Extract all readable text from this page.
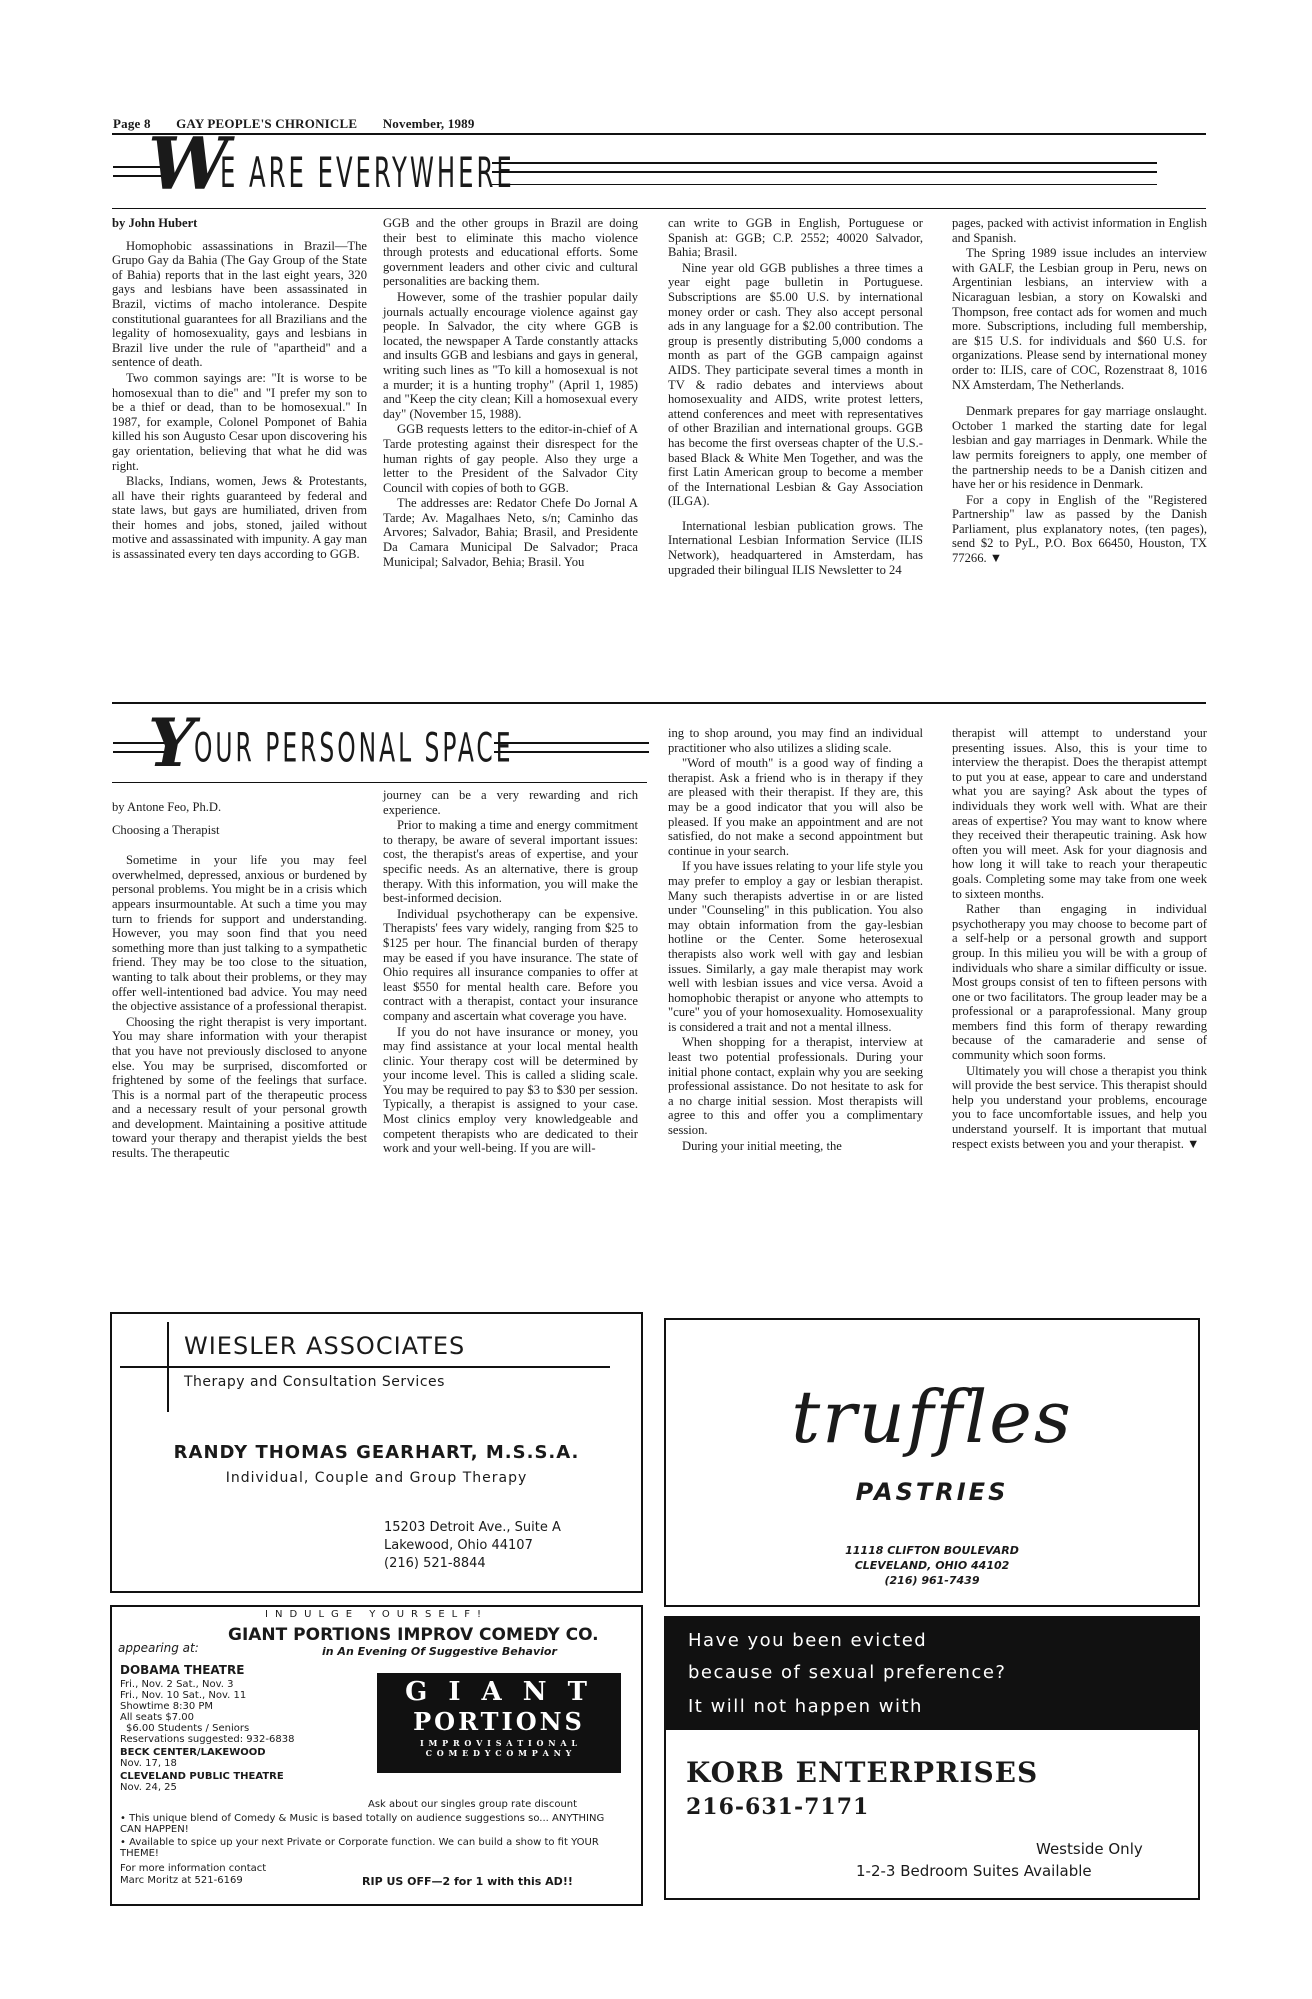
Page 8 GAY PEOPLE'S CHRONICLE November, 1989
W
E ARE EVERYWHERE
by John Hubert

Homophobic assassinations in Brazil—The Grupo Gay da Bahia (The Gay Group of the State of Bahia) reports that in the last eight years, 320 gays and lesbians have been assassinated in Brazil, victims of macho intolerance. Despite constitutional guarantees for all Brazilians and the legality of homosexuality, gays and lesbians in Brazil live under the rule of "apartheid" and a sentence of death.

Two common sayings are: "It is worse to be homosexual than to die" and "I prefer my son to be a thief or dead, than to be homosexual." In 1987, for example, Colonel Pomponet of Bahia killed his son Augusto Cesar upon discovering his gay orientation, believing that what he did was right.

Blacks, Indians, women, Jews & Protestants, all have their rights guaranteed by federal and state laws, but gays are humiliated, driven from their homes and jobs, stoned, jailed without motive and assassinated with impunity. A gay man is assassinated every ten days according to GGB.

GGB and the other groups in Brazil are doing their best to eliminate this macho violence through protests and educational efforts. Some government leaders and other civic and cultural personalities are backing them.

However, some of the trashier popular daily journals actually encourage violence against gay people. In Salvador, the city where GGB is located, the newspaper A Tarde constantly attacks and insults GGB and lesbians and gays in general, writing such lines as "To kill a homosexual is not a murder; it is a hunting trophy" (April 1, 1985) and "Keep the city clean; Kill a homosexual every day" (November 15, 1988).

GGB requests letters to the editor-in-chief of A Tarde protesting against their disrespect for the human rights of gay people. Also they urge a letter to the President of the Salvador City Council with copies of both to GGB.

The addresses are: Redator Chefe Do Jornal A Tarde; Av. Magalhaes Neto, s/n; Caminho das Arvores; Salvador, Bahia; Brasil, and Presidente Da Camara Municipal De Salvador; Praca Municipal; Salvador, Behia; Brasil. You

can write to GGB in English, Portuguese or Spanish at: GGB; C.P. 2552; 40020 Salvador, Bahia; Brasil.

Nine year old GGB publishes a three times a year eight page bulletin in Portuguese. Subscriptions are $5.00 U.S. by international money order or cash. They also accept personal ads in any language for a $2.00 contribution. The group is presently distributing 5,000 condoms a month as part of the GGB campaign against AIDS. They participate several times a month in TV & radio debates and interviews about homosexuality and AIDS, write protest letters, attend conferences and meet with representatives of other Brazilian and international groups. GGB has become the first overseas chapter of the U.S.-based Black & White Men Together, and was the first Latin American group to become a member of the International Lesbian & Gay Association (ILGA).

International lesbian publication grows. The International Lesbian Information Service (ILIS Network), headquartered in Amsterdam, has upgraded their bilingual ILIS Newsletter to 24

pages, packed with activist information in English and Spanish.

The Spring 1989 issue includes an interview with GALF, the Lesbian group in Peru, news on Argentinian lesbians, an interview with a Nicaraguan lesbian, a story on Kowalski and Thompson, free contact ads for women and much more. Subscriptions, including full membership, are $15 U.S. for individuals and $60 U.S. for organizations. Please send by international money order to: ILIS, care of COC, Rozenstraat 8, 1016 NX Amsterdam, The Netherlands.

Denmark prepares for gay marriage onslaught. October 1 marked the starting date for legal lesbian and gay marriages in Denmark. While the law permits foreigners to apply, one member of the partnership needs to be a Danish citizen and have her or his residence in Denmark.

For a copy in English of the "Registered Partnership" law as passed by the Danish Parliament, plus explanatory notes, (ten pages), send $2 to PyL, P.O. Box 66450, Houston, TX 77266. ▼

Y
OUR PERSONAL SPACE
by Antone Feo, Ph.D.
Choosing a Therapist

Sometime in your life you may feel overwhelmed, depressed, anxious or burdened by personal problems. You might be in a crisis which appears insurmountable. At such a time you may turn to friends for support and understanding. However, you may soon find that you need something more than just talking to a sympathetic friend. They may be too close to the situation, wanting to talk about their problems, or they may offer well-intentioned bad advice. You may need the objective assistance of a professional therapist.

Choosing the right therapist is very important. You may share information with your therapist that you have not previously disclosed to anyone else. You may be surprised, discomforted or frightened by some of the feelings that surface. This is a normal part of the therapeutic process and a necessary result of your personal growth and development. Maintaining a positive attitude toward your therapy and therapist yields the best results. The therapeutic

journey can be a very rewarding and rich experience.

Prior to making a time and energy commitment to therapy, be aware of several important issues: cost, the therapist's areas of expertise, and your specific needs. As an alternative, there is group therapy. With this information, you will make the best-informed decision.

Individual psychotherapy can be expensive. Therapists' fees vary widely, ranging from $25 to $125 per hour. The financial burden of therapy may be eased if you have insurance. The state of Ohio requires all insurance companies to offer at least $550 for mental health care. Before you contract with a therapist, contact your insurance company and ascertain what coverage you have.

If you do not have insurance or money, you may find assistance at your local mental health clinic. Your therapy cost will be determined by your income level. This is called a sliding scale. You may be required to pay $3 to $30 per session. Typically, a therapist is assigned to your case. Most clinics employ very knowledgeable and competent therapists who are dedicated to their work and your well-being. If you are will-

ing to shop around, you may find an individual practitioner who also utilizes a sliding scale.

"Word of mouth" is a good way of finding a therapist. Ask a friend who is in therapy if they are pleased with their therapist. If they are, this may be a good indicator that you will also be pleased. If you make an appointment and are not satisfied, do not make a second appointment but continue in your search.

If you have issues relating to your life style you may prefer to employ a gay or lesbian therapist. Many such therapists advertise in or are listed under "Counseling" in this publication. You also may obtain information from the gay-lesbian hotline or the Center. Some heterosexual therapists also work well with gay and lesbian issues. Similarly, a gay male therapist may work well with lesbian issues and vice versa. Avoid a homophobic therapist or anyone who attempts to "cure" you of your homosexuality. Homosexuality is considered a trait and not a mental illness.

When shopping for a therapist, interview at least two potential professionals. During your initial phone contact, explain why you are seeking professional assistance. Do not hesitate to ask for a no charge initial session. Most therapists will agree to this and offer you a complimentary session.

During your initial meeting, the

therapist will attempt to understand your presenting issues. Also, this is your time to interview the therapist. Does the therapist attempt to put you at ease, appear to care and understand what you are saying? Ask about the types of individuals they work well with. What are their areas of expertise? You may want to know where they received their therapeutic training. Ask how often you will meet. Ask for your diagnosis and how long it will take to reach your therapeutic goals. Completing some may take from one week to sixteen months.

Rather than engaging in individual psychotherapy you may choose to become part of a self-help or a personal growth and support group. In this milieu you will be with a group of individuals who share a similar difficulty or issue. Most groups consist of ten to fifteen persons with one or two facilitators. The group leader may be a professional or a paraprofessional. Many group members find this form of therapy rewarding because of the camaraderie and sense of community which soon forms.

Ultimately you will chose a therapist you think will provide the best service. This therapist should help you understand your problems, encourage you to face uncomfortable issues, and help you understand yourself. It is important that mutual respect exists between you and your therapist. ▼

WIESLER ASSOCIATES
Therapy and Consultation Services
RANDY THOMAS GEARHART, M.S.S.A.
Individual, Couple and Group Therapy
15203 Detroit Ave., Suite A
Lakewood, Ohio 44107
(216) 521-8844
truffles
PASTRIES
11118 CLIFTON BOULEVARD
CLEVELAND, OHIO 44102
(216) 961-7439
INDULGE YOURSELF!
appearing at:
GIANT PORTIONS IMPROV COMEDY CO.
in An Evening Of Suggestive Behavior
DOBAMA THEATRE
Fri., Nov. 2 Sat., Nov. 3
Fri., Nov. 10 Sat., Nov. 11
Showtime 8:30 PM
All seats $7.00
$6.00 Students / Seniors
Reservations suggested: 932-6838
BECK CENTER/LAKEWOOD
Nov. 17, 18
CLEVELAND PUBLIC THEATRE
Nov. 24, 25
G I A N T
PORTIONS
I M P R O V I S A T I O N A L
C O M E D Y C O M P A N Y
Ask about our singles group rate discount
• This unique blend of Comedy & Music is based totally on audience suggestions so... ANYTHING CAN HAPPEN!
• Available to spice up your next Private or Corporate function. We can build a show to fit YOUR THEME!
For more information contact
Marc Moritz at 521-6169	RIP US OFF—2 for 1 with this AD!!
Have you been evicted
because of sexual preference?
It will not happen with
KORB ENTERPRISES
216-631-7171
Westside Only
1-2-3 Bedroom Suites Available
